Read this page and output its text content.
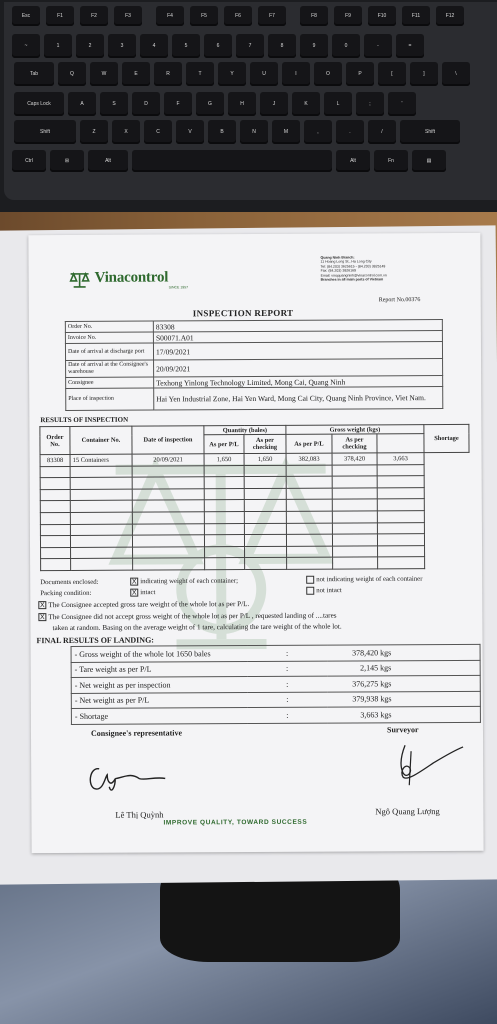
Esc	F1	F2	F3	F4	F5	F6	F7	F8	F9	F10	F11	F12
~	1	2	3	4	5	6	7	8	9	0	-	=
Tab	Q	W	E	R	T	Y	U	I	O	P	[	]	\
Caps Lock	A	S	D	F	G	H	J	K	L	;	'
Shift	Z	X	C	V	B	N	M	,	.	/	Shift
Ctrl	⊞	Alt	Alt	Fn	▤
Vinacontrol
SINCE 1957
Quang Ninh Branch:
11 Hoang Long St., Ha Long City
Tel: (84.203) 3625615 - (84.203) 3825149
Fax: (84.203) 3826169
Email: vinqquangninh@vinacontrol.com.vn
Branches in all main ports of Vietnam
Report No.00376
INSPECTION REPORT
Order No.	83308
Invoice No.	S00071.A01
Date of arrival at discharge port	17/09/2021
Date of arrival at the Consignee's warehouse	20/09/2021
Consignee	Texhong Yinlong Technology Limited, Mong Cai, Quang Ninh
Place of inspection	Hai Yen Industrial Zone, Hai Yen Ward, Mong Cai City, Quang Ninh Province, Viet Nam.
RESULTS OF INSPECTION
Order No.	Container No.	Date of inspection	Quantity (bales)		Gross weight (kgs)			Shortage
			As per P/L	As per checking	As per P/L	As per checking		
83308	15 Containers	20/09/2021	1,650	1,650	382,083	378,420	3,663	

Documents enclosed:	X indicating weight of each container;	not indicating weight of each container
Packing condition:	X intact	not intact
X The Consignee accepted gross tare weight of the whole lot as per P/L.
X The Consignee did not accept gross weight of the whole lot as per P/L , requested landing of ....tares
taken at random. Basing on the average weight of 1 tare, calculating the tare weight of the whole lot.
FINAL RESULTS OF LANDING:
- Gross weight of the whole lot 1650 bales	:	378,420 kgs
- Tare weight as per P/L	:	2,145 kgs
- Net weight as per inspection	:	376,275 kgs
- Net weight as per P/L	:	379,938 kgs
- Shortage	:	3,663 kgs
Consignee's representative	Surveyor
Lê Thị Quỳnh	Ngô Quang Lượng
IMPROVE QUALITY, TOWARD SUCCESS
